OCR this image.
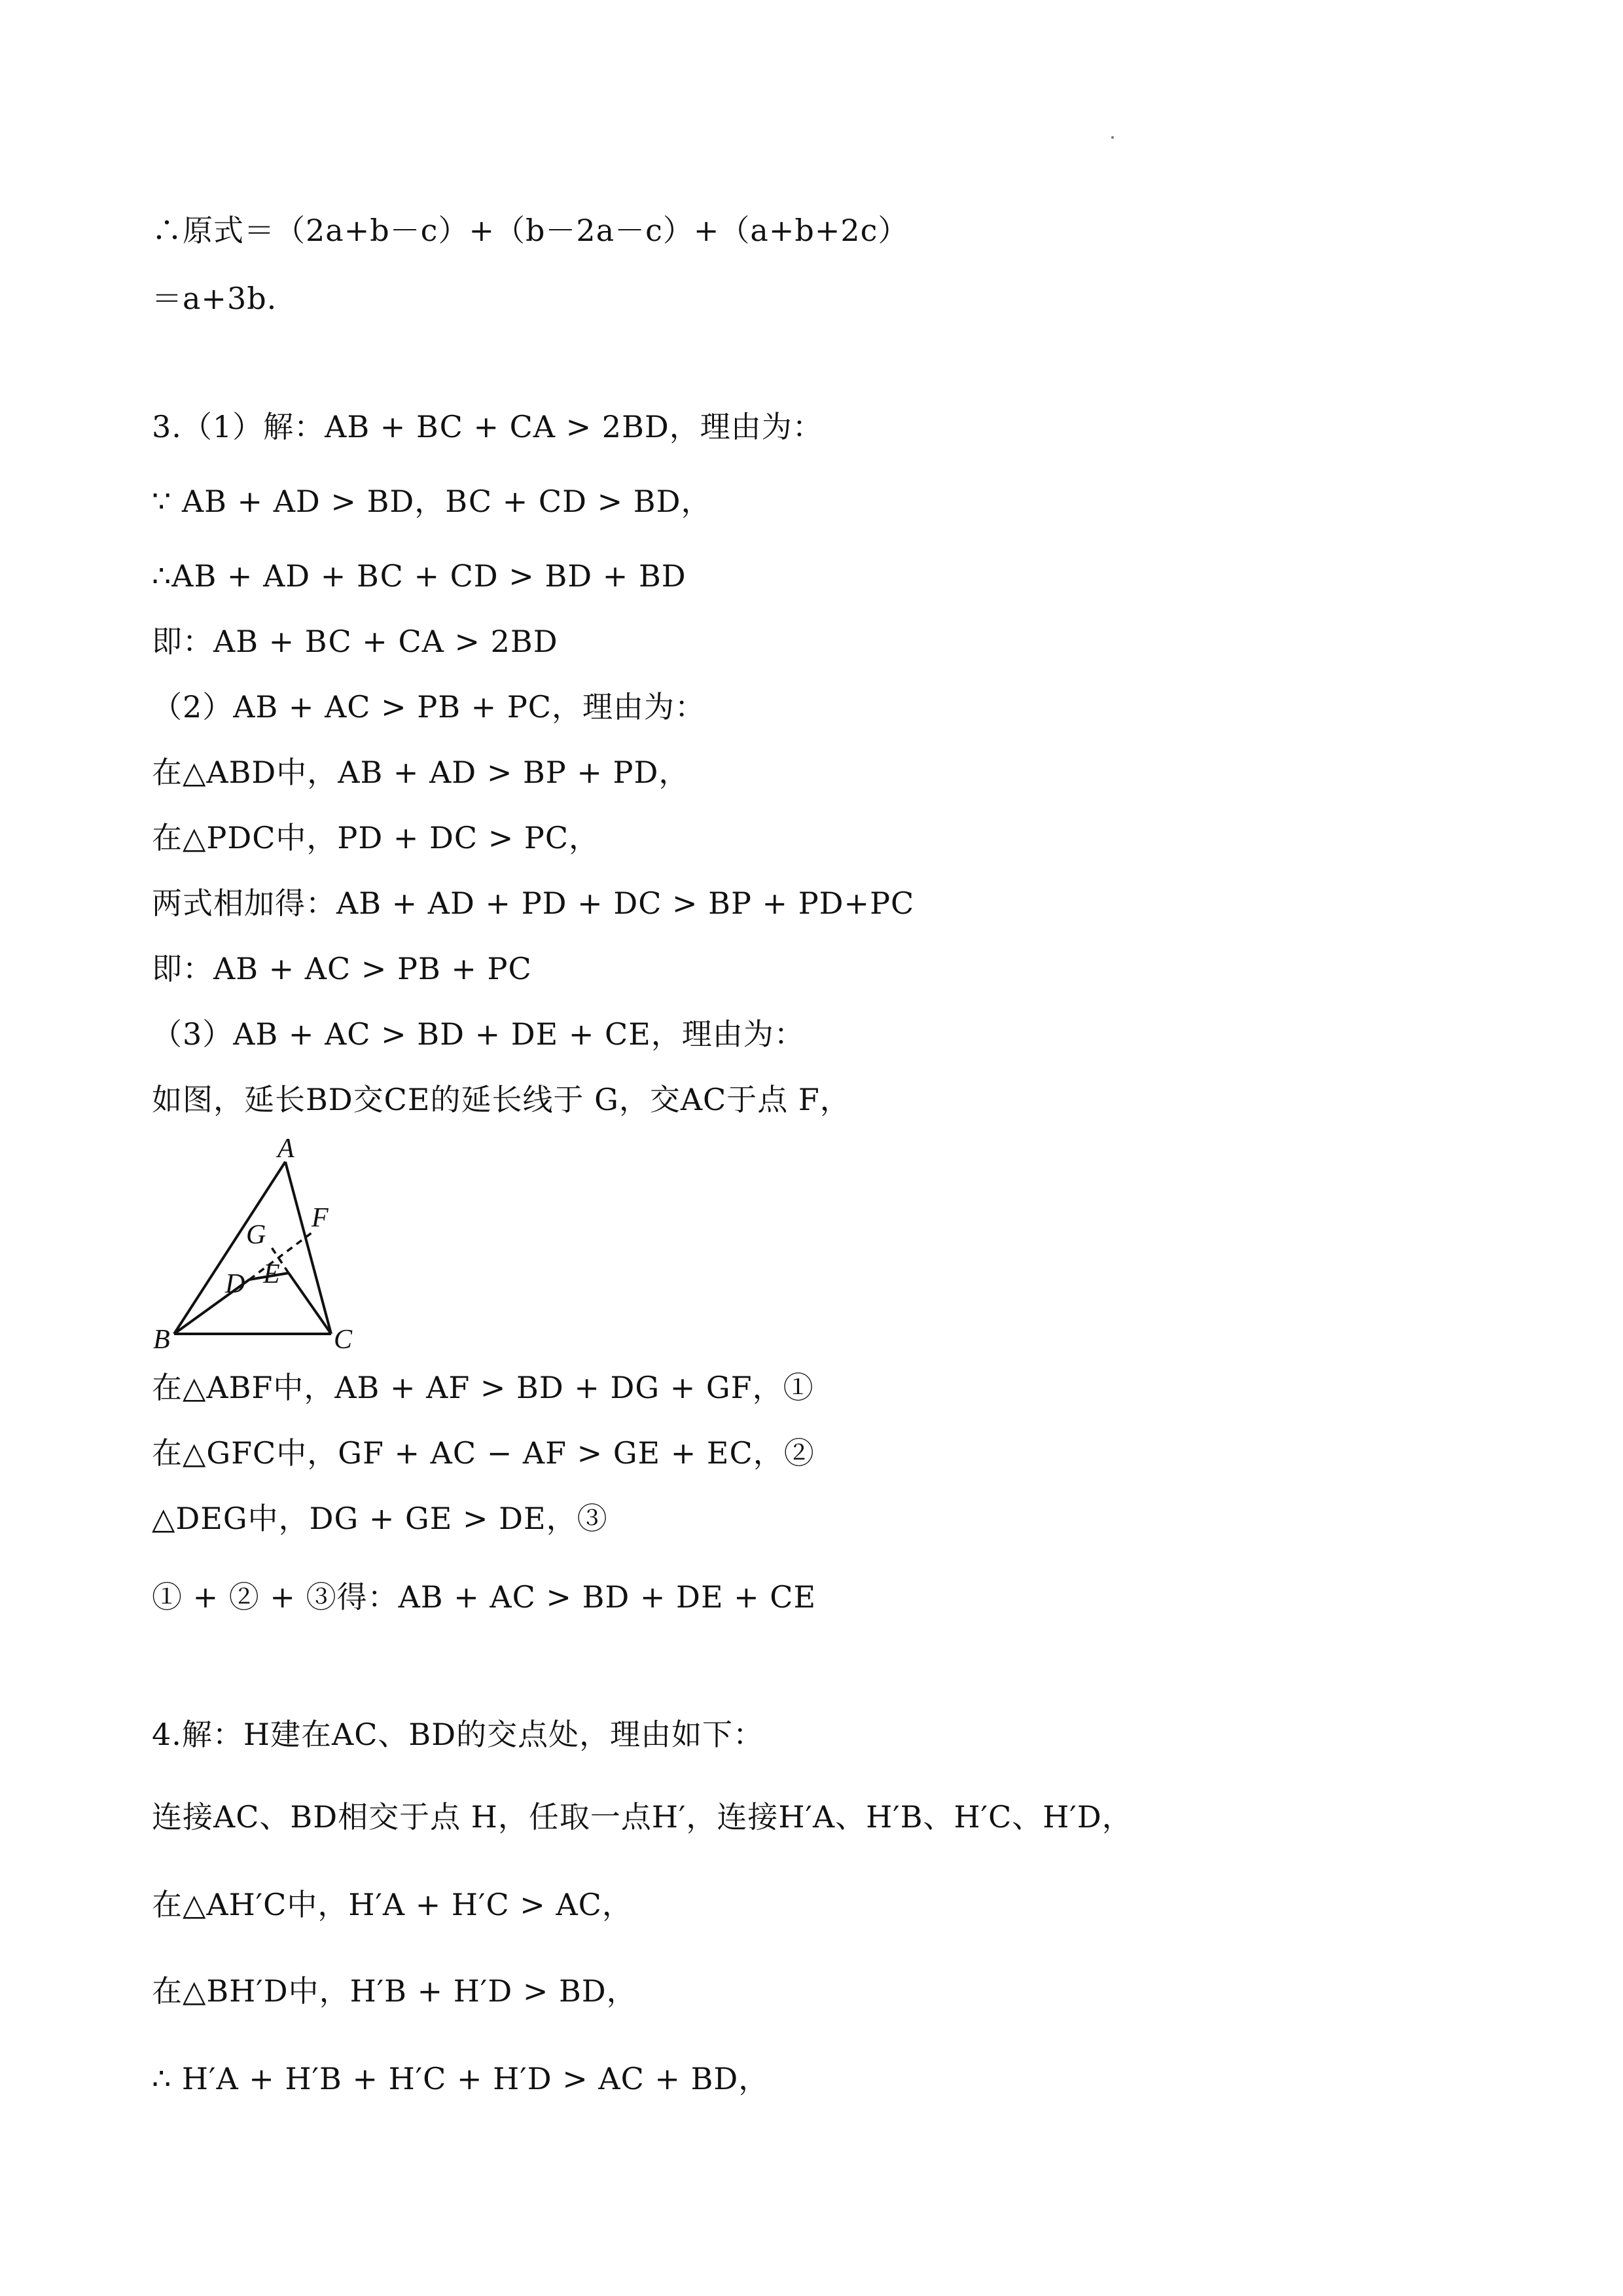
∴原式＝（2a+b－c）+（b－2a－c）+（a+b+2c）
＝a+3b.
3.（1）解：AB + BC + CA > 2BD，理由为：
∵ AB + AD > BD，BC + CD > BD，
∴AB + AD + BC + CD > BD + BD
即：AB + BC + CA > 2BD
（2）AB + AC > PB + PC，理由为：
在△ABD中，AB + AD > BP + PD，
在△PDC中，PD + DC > PC，
两式相加得：AB + AD + PD + DC > BP + PD+PC
即：AB + AC > PB + PC
（3）AB + AC > BD + DE + CE，理由为：
如图，延长BD交CE的延长线于 G，交AC于点 F，
A
B	C
D E
F
G
在△ABF中，AB + AF > BD + DG + GF，①
在△GFC中，GF + AC − AF > GE + EC，②
△DEG中，DG + GE > DE，③
① + ② + ③得：AB + AC > BD + DE + CE
4.解：H建在AC、BD的交点处，理由如下：
连接AC、BD相交于点 H，任取一点H′，连接H′A、H′B、H′C、H′D，
在△AH′C中，H′A + H′C > AC，
在△BH′D中，H′B + H′D > BD，
∴ H′A + H′B + H′C + H′D > AC + BD，
